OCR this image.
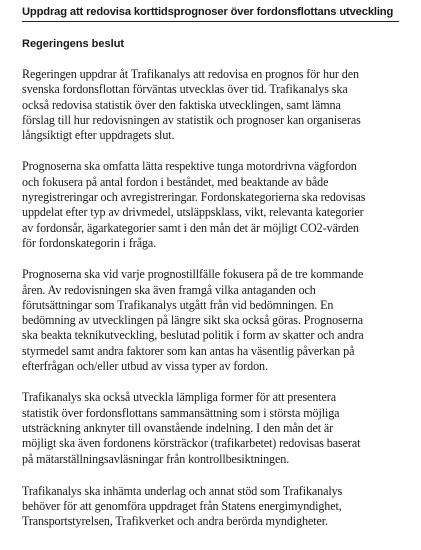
Uppdrag att redovisa korttidsprognoser över fordonsflottans utveckling
Regeringens beslut

Regeringen uppdrar åt Trafikanalys att redovisa en prognos för hur den
svenska fordonsflottan förväntas utvecklas över tid. Trafikanalys ska
också redovisa statistik över den faktiska utvecklingen, samt lämna
förslag till hur redovisningen av statistik och prognoser kan organiseras
långsiktigt efter uppdragets slut.

Prognoserna ska omfatta lätta respektive tunga motordrivna vägfordon
och fokusera på antal fordon i beståndet, med beaktande av både
nyregistreringar och avregistreringar. Fordonskategorierna ska redovisas
uppdelat efter typ av drivmedel, utsläppsklass, vikt, relevanta kategorier
av fordonsår, ägarkategorier samt i den mån det är möjligt CO2-värden
för fordonskategorin i fråga.

Prognoserna ska vid varje prognostillfälle fokusera på de tre kommande
åren. Av redovisningen ska även framgå vilka antaganden och
förutsättningar som Trafikanalys utgått från vid bedömningen. En
bedömning av utvecklingen på längre sikt ska också göras. Prognoserna
ska beakta teknikutveckling, beslutad politik i form av skatter och andra
styrmedel samt andra faktorer som kan antas ha väsentlig påverkan på
efterfrågan och/eller utbud av vissa typer av fordon.

Trafikanalys ska också utveckla lämpliga former för att presentera
statistik över fordonsflottans sammansättning som i största möjliga
utsträckning anknyter till ovanstående indelning. I den mån det är
möjligt ska även fordonens körsträckor (trafikarbetet) redovisas baserat
på mätarställningsavläsningar från kontrollbesiktningen.

Trafikanalys ska inhämta underlag och annat stöd som Trafikanalys
behöver för att genomföra uppdraget från Statens energimyndighet,
Transportstyrelsen, Trafikverket och andra berörda myndigheter.
